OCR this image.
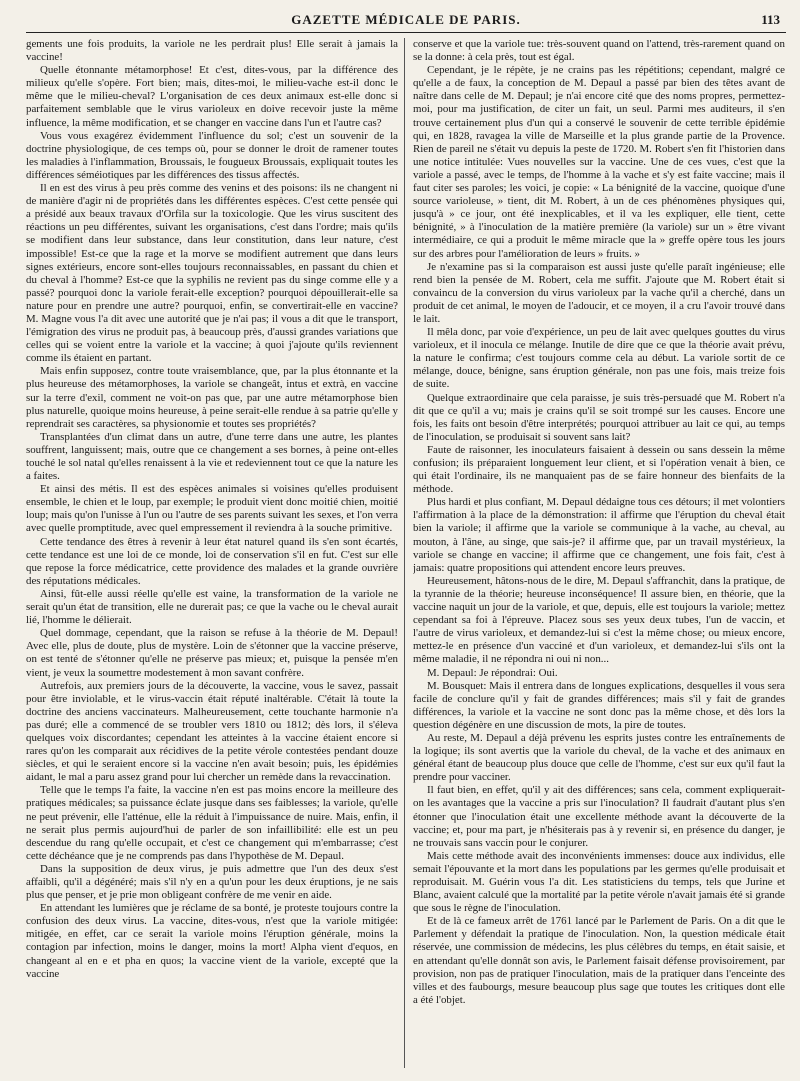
GAZETTE MÉDICALE DE PARIS.	113

gements une fois produits, la variole ne les perdrait plus! Elle serait à jamais la vaccine!

Quelle étonnante métamorphose! Et c'est, dites-vous, par la différence des milieux qu'elle s'opère. Fort bien; mais, dites-moi, le milieu-vache est-il donc le même que le milieu-cheval? L'organisation de ces deux animaux est-elle donc si parfaitement semblable que le virus varioleux en doive recevoir juste la même influence, la même modification, et se changer en vaccine dans l'un et l'autre cas?

Vous vous exagérez évidemment l'influence du sol; c'est un souvenir de la doctrine physiologique, de ces temps où, pour se donner le droit de ramener toutes les maladies à l'inflammation, Broussais, le fougueux Broussais, expliquait toutes les différences séméiotiques par les différences des tissus affectés.

Il en est des virus à peu près comme des venins et des poisons: ils ne changent ni de manière d'agir ni de propriétés dans les différentes espèces. C'est cette pensée qui a présidé aux beaux travaux d'Orfila sur la toxicologie. Que les virus suscitent des réactions un peu différentes, suivant les organisations, c'est dans l'ordre; mais qu'ils se modifient dans leur substance, dans leur constitution, dans leur nature, c'est impossible! Est-ce que la rage et la morve se modifient autrement que dans leurs signes extérieurs, encore sont-elles toujours reconnaissables, en passant du chien et du cheval à l'homme? Est-ce que la syphilis ne revient pas du singe comme elle y a passé? pourquoi donc la variole ferait-elle exception? pourquoi dépouillerait-elle sa nature pour en prendre une autre? pourquoi, enfin, se convertirait-elle en vaccine? M. Magne vous l'a dit avec une autorité que je n'ai pas; il vous a dit que le transport, l'émigration des virus ne produit pas, à beaucoup près, d'aussi grandes variations que celles qui se voient entre la variole et la vaccine; à quoi j'ajoute qu'ils reviennent comme ils étaient en partant.

Mais enfin supposez, contre toute vraisemblance, que, par la plus étonnante et la plus heureuse des métamorphoses, la variole se changeât, intus et extrà, en vaccine sur la terre d'exil, comment ne voit-on pas que, par une autre métamorphose bien plus naturelle, quoique moins heureuse, à peine serait-elle rendue à sa patrie qu'elle y reprendrait ses caractères, sa physionomie et toutes ses propriétés?

Transplantées d'un climat dans un autre, d'une terre dans une autre, les plantes souffrent, languissent; mais, outre que ce changement a ses bornes, à peine ont-elles touché le sol natal qu'elles renaissent à la vie et redeviennent tout ce que la nature les a faites.

Et ainsi des métis. Il est des espèces animales si voisines qu'elles produisent ensemble, le chien et le loup, par exemple; le produit vient donc moitié chien, moitié loup; mais qu'on l'unisse à l'un ou l'autre de ses parents suivant les sexes, et l'on verra avec quelle promptitude, avec quel empressement il reviendra à la souche primitive.

Cette tendance des êtres à revenir à leur état naturel quand ils s'en sont écartés, cette tendance est une loi de ce monde, loi de conservation s'il en fut. C'est sur elle que repose la force médicatrice, cette providence des malades et la grande ouvrière des réputations médicales.

Ainsi, fût-elle aussi réelle qu'elle est vaine, la transformation de la variole ne serait qu'un état de transition, elle ne durerait pas; ce que la vache ou le cheval aurait lié, l'homme le délierait.

Quel dommage, cependant, que la raison se refuse à la théorie de M. Depaul! Avec elle, plus de doute, plus de mystère. Loin de s'étonner que la vaccine préserve, on est tenté de s'étonner qu'elle ne préserve pas mieux; et, puisque la pensée m'en vient, je veux la soumettre modestement à mon savant confrère.

Autrefois, aux premiers jours de la découverte, la vaccine, vous le savez, passait pour être inviolable, et le virus-vaccin était réputé inaltérable. C'était là toute la doctrine des anciens vaccinateurs. Malheureusement, cette touchante harmonie n'a pas duré; elle a commencé de se troubler vers 1810 ou 1812; dès lors, il s'éleva quelques voix discordantes; cependant les atteintes à la vaccine étaient encore si rares qu'on les comparait aux récidives de la petite vérole contestées pendant douze siècles, et qui le seraient encore si la vaccine n'en avait besoin; puis, les épidémies aidant, le mal a paru assez grand pour lui chercher un remède dans la revaccination.

Telle que le temps l'a faite, la vaccine n'en est pas moins encore la meilleure des pratiques médicales; sa puissance éclate jusque dans ses faiblesses; la variole, qu'elle ne peut prévenir, elle l'atténue, elle la réduit à l'impuissance de nuire. Mais, enfin, il ne serait plus permis aujourd'hui de parler de son infaillibilité: elle est un peu descendue du rang qu'elle occupait, et c'est ce changement qui m'embarrasse; c'est cette déchéance que je ne comprends pas dans l'hypothèse de M. Depaul.

Dans la supposition de deux virus, je puis admettre que l'un des deux s'est affaibli, qu'il a dégénéré; mais s'il n'y en a qu'un pour les deux éruptions, je ne sais plus que penser, et je prie mon obligeant confrère de me venir en aide.

En attendant les lumières que je réclame de sa bonté, je proteste toujours contre la confusion des deux virus. La vaccine, dites-vous, n'est que la variole mitigée: mitigée, en effet, car ce serait la variole moins l'éruption générale, moins la contagion par infection, moins le danger, moins la mort! Alpha vient d'equos, en changeant al en e et pha en quos; la vaccine vient de la variole, excepté que la vaccine

conserve et que la variole tue: très-souvent quand on l'attend, très-rarement quand on se la donne: à cela près, tout est égal.

Cependant, je le répète, je ne crains pas les répétitions; cependant, malgré ce qu'elle a de faux, la conception de M. Depaul a passé par bien des têtes avant de naître dans celle de M. Depaul; je n'ai encore cité que des noms propres, permettez-moi, pour ma justification, de citer un fait, un seul. Parmi mes auditeurs, il s'en trouve certainement plus d'un qui a conservé le souvenir de cette terrible épidémie qui, en 1828, ravagea la ville de Marseille et la plus grande partie de la Provence. Rien de pareil ne s'était vu depuis la peste de 1720. M. Robert s'en fit l'historien dans une notice intitulée: Vues nouvelles sur la vaccine. Une de ces vues, c'est que la variole a passé, avec le temps, de l'homme à la vache et s'y est faite vaccine; mais il faut citer ses paroles; les voici, je copie: « La bénignité de la vaccine, quoique d'une source varioleuse, » tient, dit M. Robert, à un de ces phénomènes physiques qui, jusqu'à » ce jour, ont été inexplicables, et il va les expliquer, elle tient, cette bénignité, » à l'inoculation de la matière première (la variole) sur un » être vivant intermédiaire, ce qui a produit le même miracle que la » greffe opère tous les jours sur des arbres pour l'amélioration de leurs » fruits. »

Je n'examine pas si la comparaison est aussi juste qu'elle paraît ingénieuse; elle rend bien la pensée de M. Robert, cela me suffit. J'ajoute que M. Robert était si convaincu de la conversion du virus varioleux par la vache qu'il a cherché, dans un produit de cet animal, le moyen de l'adoucir, et ce moyen, il a cru l'avoir trouvé dans le lait.

Il mêla donc, par voie d'expérience, un peu de lait avec quelques gouttes du virus varioleux, et il inocula ce mélange. Inutile de dire que ce que la théorie avait prévu, la nature le confirma; c'est toujours comme cela au début. La variole sortit de ce mélange, douce, bénigne, sans éruption générale, non pas une fois, mais treize fois de suite.

Quelque extraordinaire que cela paraisse, je suis très-persuadé que M. Robert n'a dit que ce qu'il a vu; mais je crains qu'il se soit trompé sur les causes. Encore une fois, les faits ont besoin d'être interprétés; pourquoi attribuer au lait ce qui, au temps de l'inoculation, se produisait si souvent sans lait?

Faute de raisonner, les inoculateurs faisaient à dessein ou sans dessein la même confusion; ils préparaient longuement leur client, et si l'opération venait à bien, ce qui était l'ordinaire, ils ne manquaient pas de se faire honneur des bienfaits de la méthode.

Plus hardi et plus confiant, M. Depaul dédaigne tous ces détours; il met volontiers l'affirmation à la place de la démonstration: il affirme que l'éruption du cheval était bien la variole; il affirme que la variole se communique à la vache, au cheval, au mouton, à l'âne, au singe, que sais-je? il affirme que, par un travail mystérieux, la variole se change en vaccine; il affirme que ce changement, une fois fait, c'est à jamais: quatre propositions qui attendent encore leurs preuves.

Heureusement, hâtons-nous de le dire, M. Depaul s'affranchit, dans la pratique, de la tyrannie de la théorie; heureuse inconséquence! Il assure bien, en théorie, que la vaccine naquit un jour de la variole, et que, depuis, elle est toujours la variole; mettez cependant sa foi à l'épreuve. Placez sous ses yeux deux tubes, l'un de vaccin, et l'autre de virus varioleux, et demandez-lui si c'est la même chose; ou mieux encore, mettez-le en présence d'un vacciné et d'un varioleux, et demandez-lui s'ils ont la même maladie, il ne répondra ni oui ni non...

M. Depaul: Je répondrai: Oui.

M. Bousquet: Mais il entrera dans de longues explications, desquelles il vous sera facile de conclure qu'il y fait de grandes différences; mais s'il y fait de grandes différences, la variole et la vaccine ne sont donc pas la même chose, et dès lors la question dégénère en une discussion de mots, la pire de toutes.

Au reste, M. Depaul a déjà prévenu les esprits justes contre les entraînements de la logique; ils sont avertis que la variole du cheval, de la vache et des animaux en général étant de beaucoup plus douce que celle de l'homme, c'est sur eux qu'il faut la prendre pour vacciner.

Il faut bien, en effet, qu'il y ait des différences; sans cela, comment expliquerait-on les avantages que la vaccine a pris sur l'inoculation? Il faudrait d'autant plus s'en étonner que l'inoculation était une excellente méthode avant la découverte de la vaccine; et, pour ma part, je n'hésiterais pas à y revenir si, en présence du danger, je ne trouvais sans vaccin pour le conjurer.

Mais cette méthode avait des inconvénients immenses: douce aux individus, elle semait l'épouvante et la mort dans les populations par les germes qu'elle produisait et reproduisait. M. Guérin vous l'a dit. Les statisticiens du temps, tels que Jurine et Blanc, avaient calculé que la mortalité par la petite vérole n'avait jamais été si grande que sous le règne de l'inoculation.

Et de là ce fameux arrêt de 1761 lancé par le Parlement de Paris. On a dit que le Parlement y défendait la pratique de l'inoculation. Non, la question médicale était réservée, une commission de médecins, les plus célèbres du temps, en était saisie, et en attendant qu'elle donnât son avis, le Parlement faisait défense provisoirement, par provision, non pas de pratiquer l'inoculation, mais de la pratiquer dans l'enceinte des villes et des faubourgs, mesure beaucoup plus sage que toutes les critiques dont elle a été l'objet.
